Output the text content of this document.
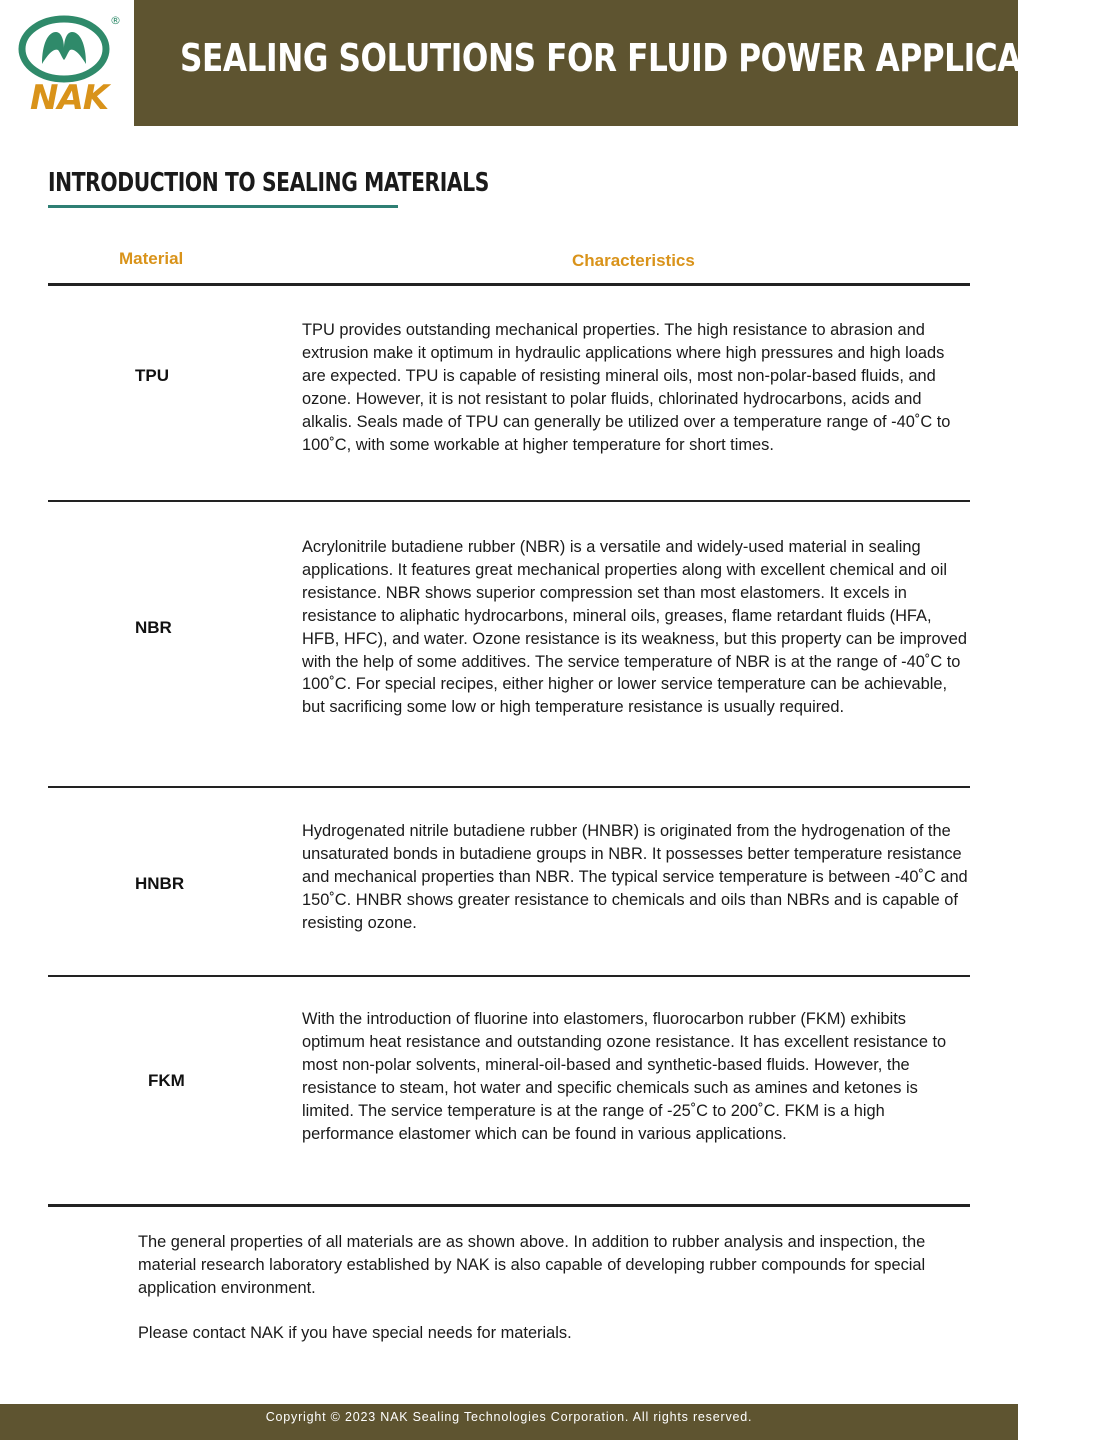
®
NAK
SEALING SOLUTIONS FOR FLUID POWER APPLICATION
INTRODUCTION TO SEALING MATERIALS
Material	Characteristics
TPU
TPU provides outstanding mechanical properties. The high resistance to abrasion and extrusion make it optimum in hydraulic applications where high pressures and high loads are expected. TPU is capable of resisting mineral oils, most non-polar-based fluids, and ozone. However, it is not resistant to polar fluids, chlorinated hydrocarbons, acids and alkalis. Seals made of TPU can generally be utilized over a temperature range of -40˚C to 100˚C, with some workable at higher temperature for short times.
NBR
Acrylonitrile butadiene rubber (NBR) is a versatile and widely-used material in sealing applications. It features great mechanical properties along with excellent chemical and oil resistance. NBR shows superior compression set than most elastomers. It excels in resistance to aliphatic hydrocarbons, mineral oils, greases, flame retardant fluids (HFA, HFB, HFC), and water. Ozone resistance is its weakness, but this property can be improved with the help of some additives. The service temperature of NBR is at the range of -40˚C to 100˚C. For special recipes, either higher or lower service temperature can be achievable, but sacrificing some low or high temperature resistance is usually required.
HNBR
Hydrogenated nitrile butadiene rubber (HNBR) is originated from the hydrogenation of the unsaturated bonds in butadiene groups in NBR. It possesses better temperature resistance and mechanical properties than NBR. The typical service temperature is between -40˚C and 150˚C. HNBR shows greater resistance to chemicals and oils than NBRs and is capable of resisting ozone.
FKM
With the introduction of fluorine into elastomers, fluorocarbon rubber (FKM) exhibits optimum heat resistance and outstanding ozone resistance. It has excellent resistance to most non-polar solvents, mineral-oil-based and synthetic-based fluids. However, the resistance to steam, hot water and specific chemicals such as amines and ketones is limited. The service temperature is at the range of -25˚C to 200˚C. FKM is a high performance elastomer which can be found in various applications.
The general properties of all materials are as shown above. In addition to rubber analysis and inspection, the material research laboratory established by NAK is also capable of developing rubber compounds for special application environment.
Please contact NAK if you have special needs for materials.
Copyright © 2023 NAK Sealing Technologies Corporation. All rights reserved.
